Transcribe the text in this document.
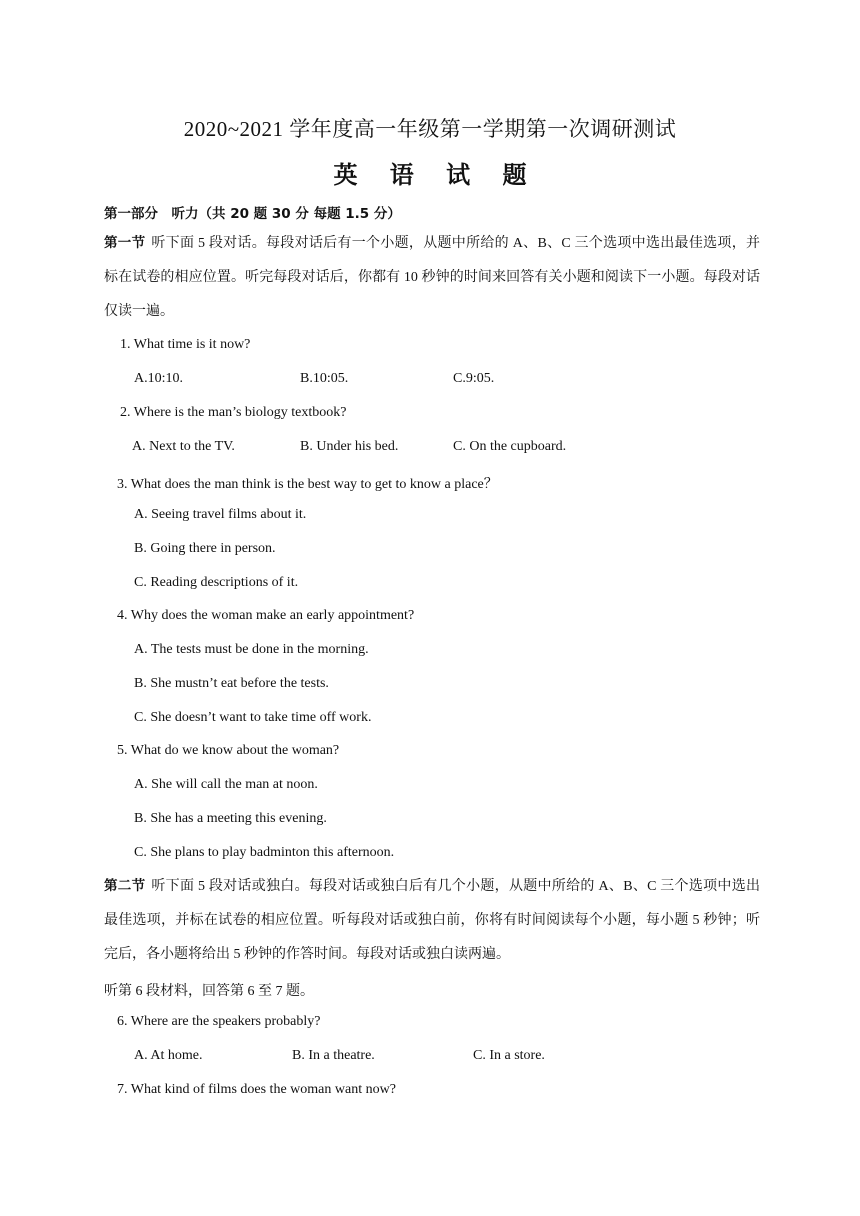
2020~2021 学年度高一年级第一学期第一次调研测试
英 语 试 题
第一部分　听力（共 20 题 30 分 每题 1.5 分）
第一节 听下面 5 段对话。每段对话后有一个小题，从题中所给的 A、B、C 三个选项中选出最佳选项，并标在试卷的相应位置。听完每段对话后，你都有 10 秒钟的时间来回答有关小题和阅读下一小题。每段对话仅读一遍。
1. What time is it now?
A.10:10.	B.10:05.	C.9:05.
2. Where is the man’s biology textbook?
A. Next to the TV.	B. Under his bed.	C. On the cupboard.
3. What does the man think is the best way to get to know a place？
A. Seeing travel films about it.
B. Going there in person.
C. Reading descriptions of it.
4. Why does the woman make an early appointment?
A. The tests must be done in the morning.
B. She mustn’t eat before the tests.
C. She doesn’t want to take time off work.
5. What do we know about the woman?
A. She will call the man at noon.
B. She has a meeting this evening.
C. She plans to play badminton this afternoon.
第二节 听下面 5 段对话或独白。每段对话或独白后有几个小题，从题中所给的 A、B、C 三个选项中选出最佳选项，并标在试卷的相应位置。听每段对话或独白前，你将有时间阅读每个小题，每小题 5 秒钟；听完后，各小题将给出 5 秒钟的作答时间。每段对话或独白读两遍。
听第 6 段材料，回答第 6 至 7 题。
6. Where are the speakers probably?
A. At home.	B. In a theatre.	C. In a store.
7. What kind of films does the woman want now?
